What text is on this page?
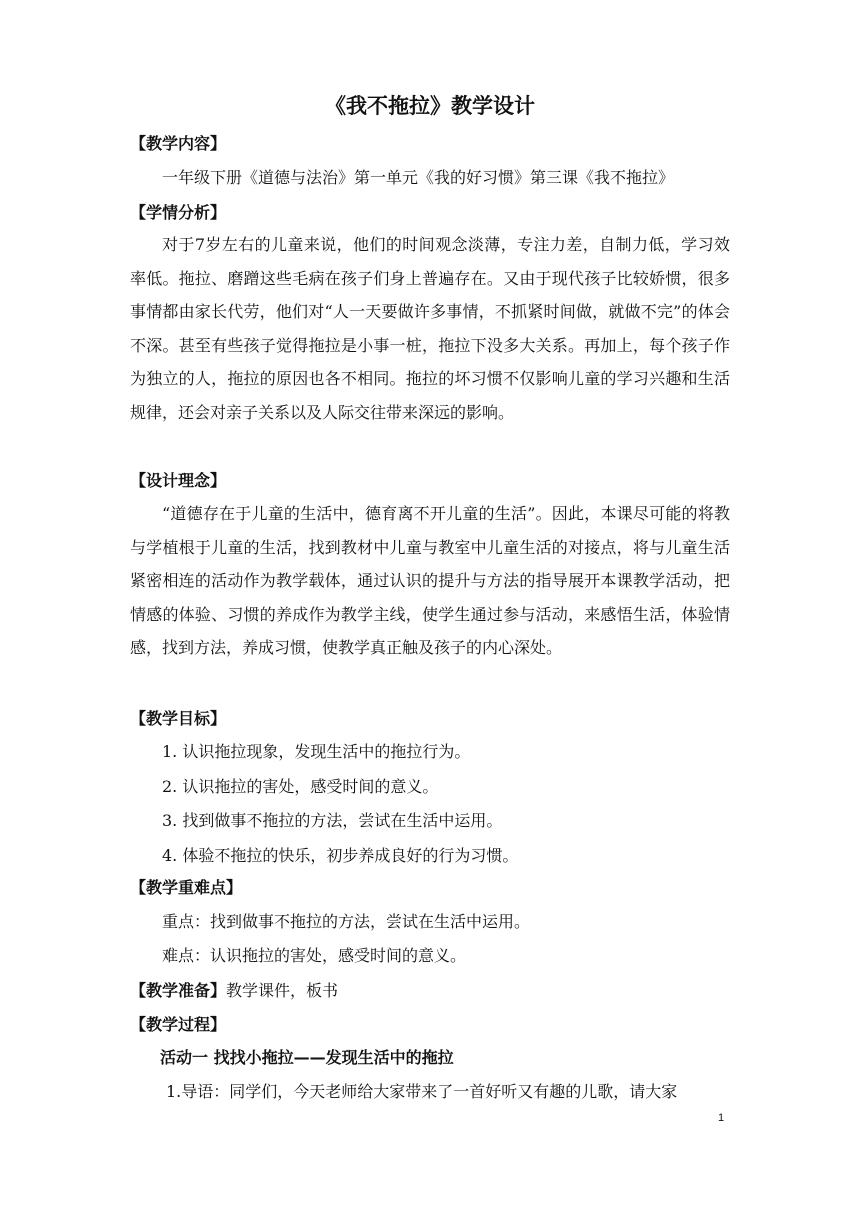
《我不拖拉》教学设计
【教学内容】
一年级下册《道德与法治》第一单元《我的好习惯》第三课《我不拖拉》
【学情分析】
对于7岁左右的儿童来说，他们的时间观念淡薄，专注力差，自制力低，学习效率低。拖拉、磨蹭这些毛病在孩子们身上普遍存在。又由于现代孩子比较娇惯，很多事情都由家长代劳，他们对“人一天要做许多事情，不抓紧时间做，就做不完”的体会不深。甚至有些孩子觉得拖拉是小事一桩，拖拉下没多大关系。再加上，每个孩子作为独立的人，拖拉的原因也各不相同。拖拉的坏习惯不仅影响儿童的学习兴趣和生活规律，还会对亲子关系以及人际交往带来深远的影响。
【设计理念】
“道德存在于儿童的生活中，德育离不开儿童的生活”。因此，本课尽可能的将教与学植根于儿童的生活，找到教材中儿童与教室中儿童生活的对接点，将与儿童生活紧密相连的活动作为教学载体，通过认识的提升与方法的指导展开本课教学活动，把情感的体验、习惯的养成作为教学主线，使学生通过参与活动，来感悟生活，体验情感，找到方法，养成习惯，使教学真正触及孩子的内心深处。
【教学目标】
1. 认识拖拉现象，发现生活中的拖拉行为。
2. 认识拖拉的害处，感受时间的意义。
3. 找到做事不拖拉的方法，尝试在生活中运用。
4. 体验不拖拉的快乐，初步养成良好的行为习惯。
【教学重难点】
重点：找到做事不拖拉的方法，尝试在生活中运用。
难点：认识拖拉的害处，感受时间的意义。
【教学准备】教学课件，板书
【教学过程】
活动一 找找小拖拉——发现生活中的拖拉
1.导语：同学们，今天老师给大家带来了一首好听又有趣的儿歌，请大家
1
